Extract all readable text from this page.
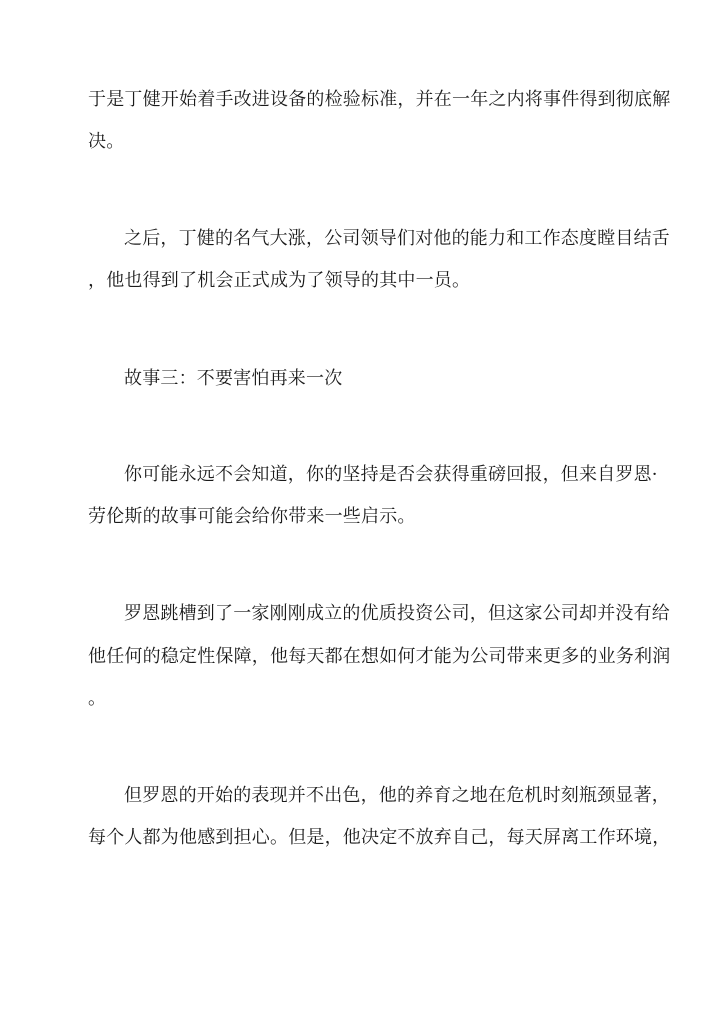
于是丁健开始着手改进设备的检验标准，并在一年之内将事件得到彻底解
决。
之后，丁健的名气大涨，公司领导们对他的能力和工作态度瞠目结舌
，他也得到了机会正式成为了领导的其中一员。
故事三：不要害怕再来一次
你可能永远不会知道，你的坚持是否会获得重磅回报，但来自罗恩·
劳伦斯的故事可能会给你带来一些启示。
罗恩跳槽到了一家刚刚成立的优质投资公司，但这家公司却并没有给
他任何的稳定性保障，他每天都在想如何才能为公司带来更多的业务利润
。
但罗恩的开始的表现并不出色，他的养育之地在危机时刻瓶颈显著，
每个人都为他感到担心。但是，他决定不放弃自己，每天屏离工作环境，
